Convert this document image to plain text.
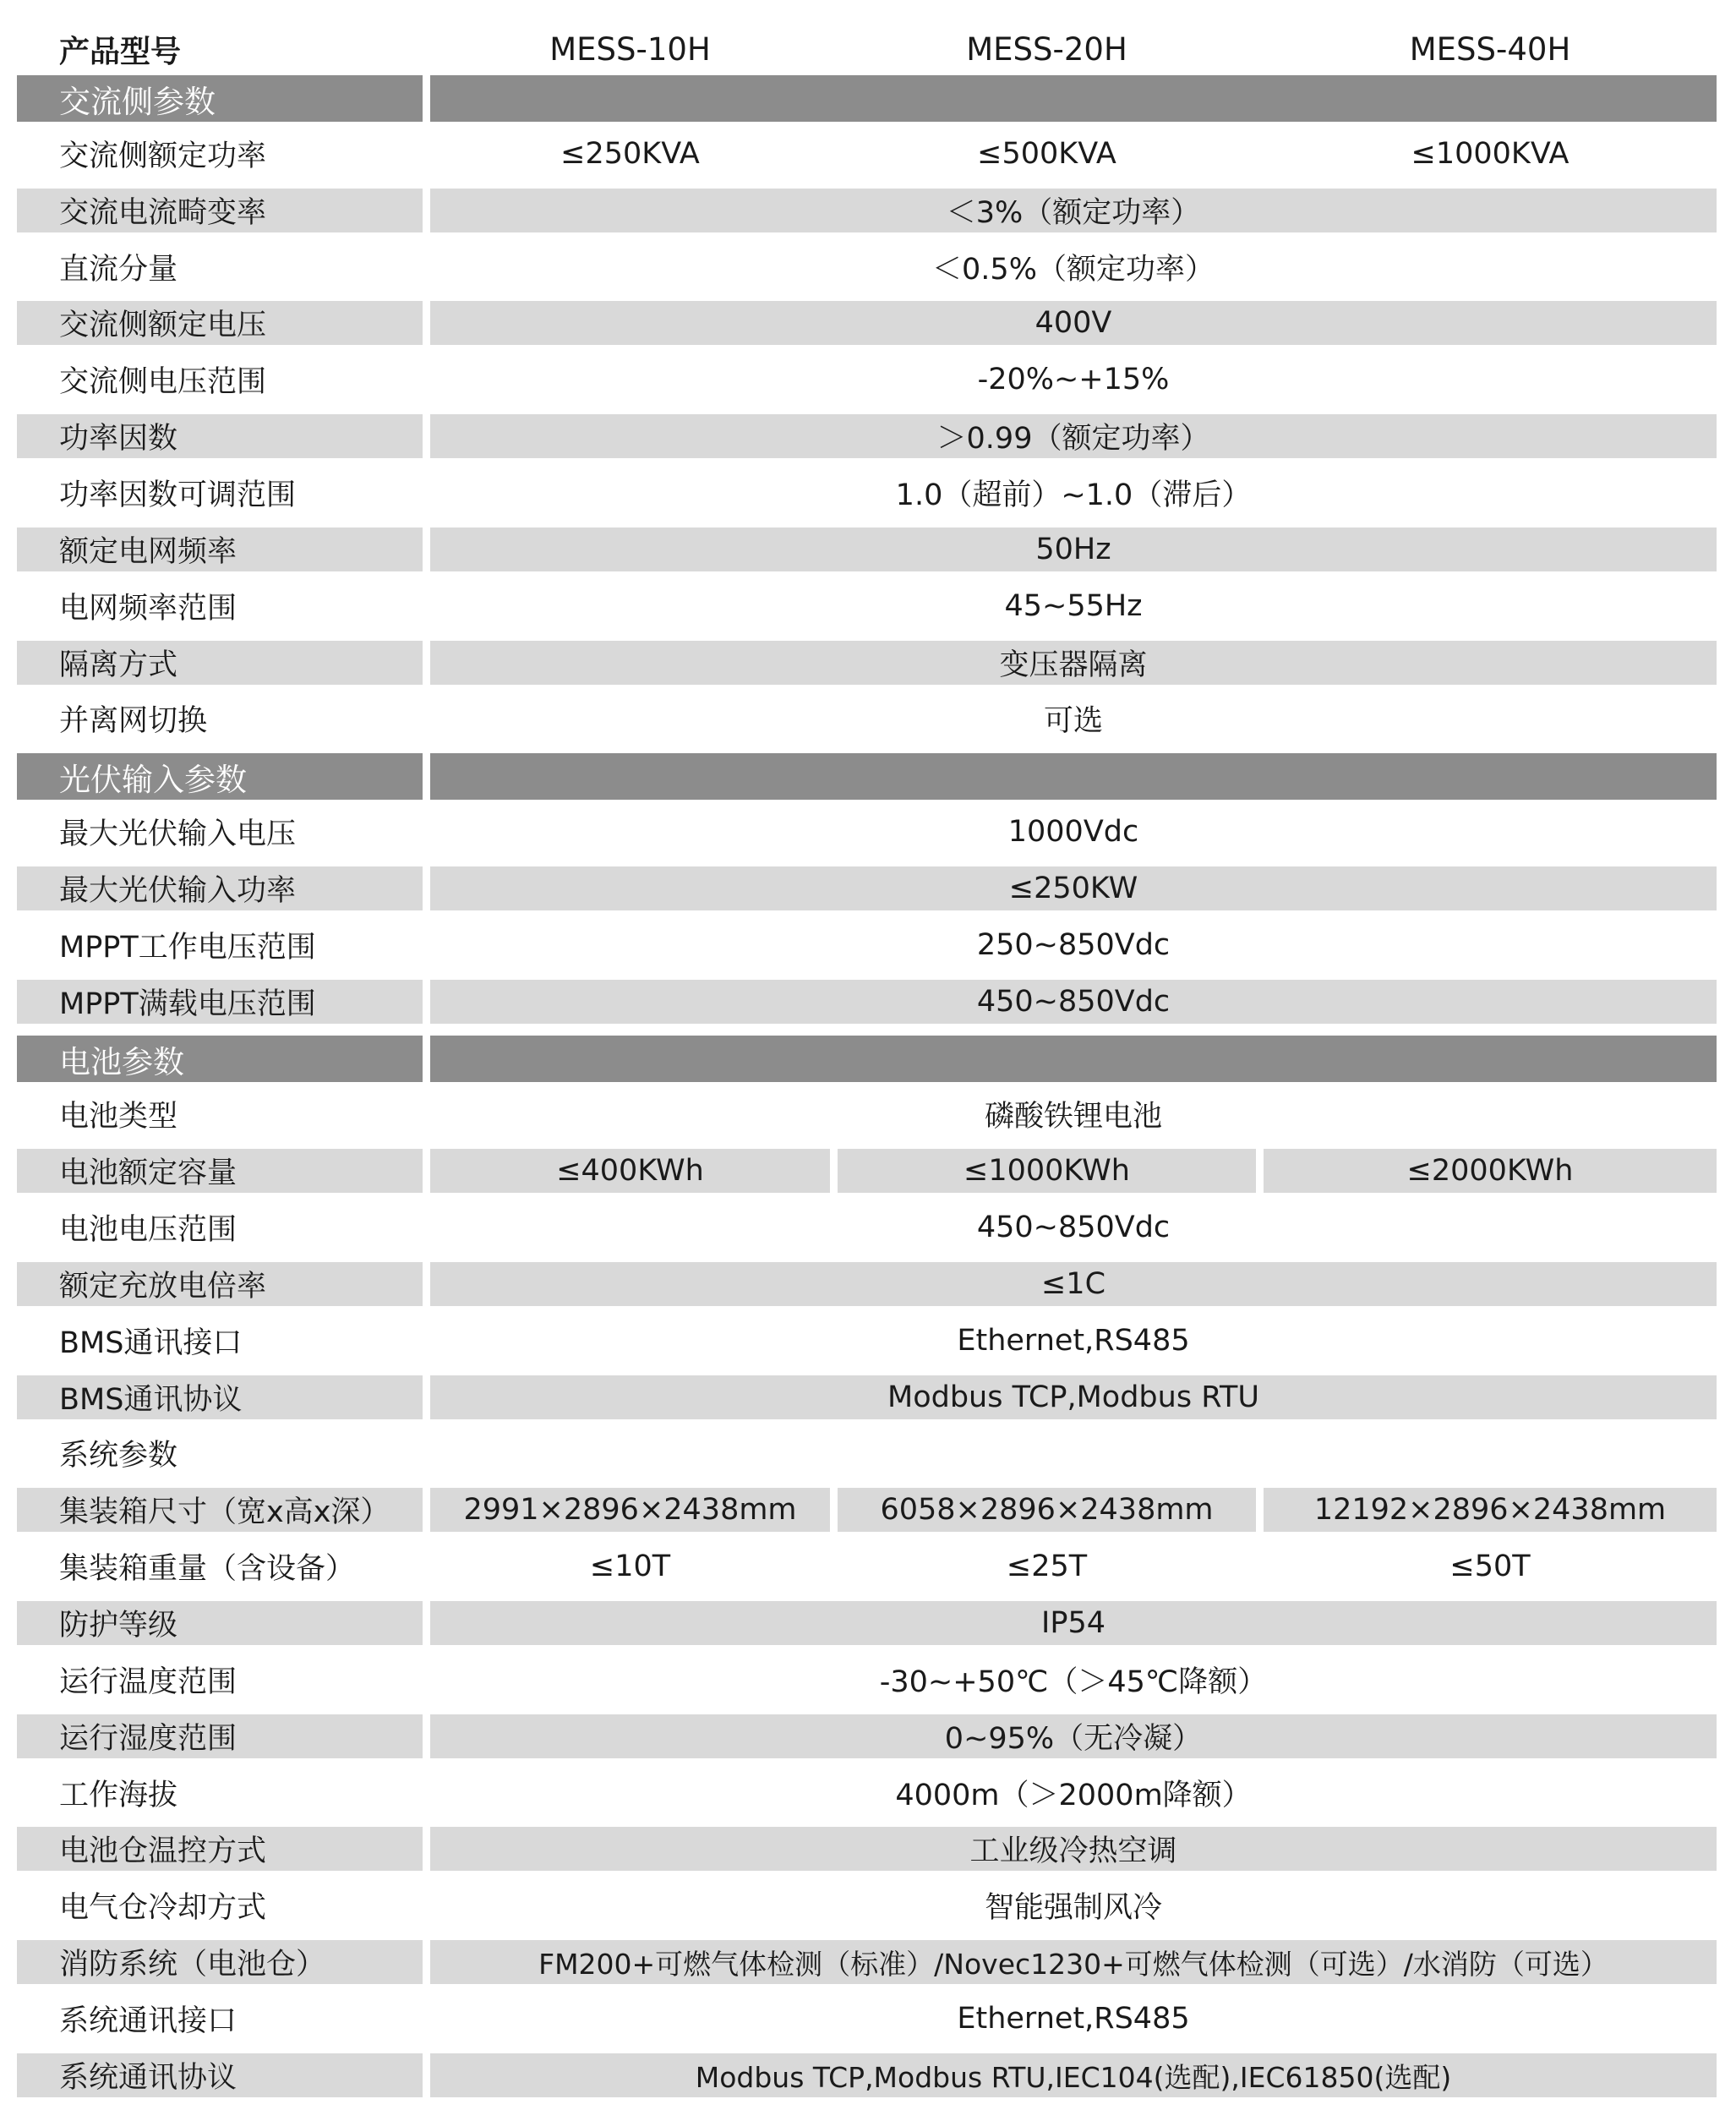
产品型号	MESS-10H	MESS-20H	MESS-40H
交流侧参数
交流侧额定功率	≤250KVA	≤500KVA	≤1000KVA
交流电流畸变率	＜3%（额定功率）
直流分量	＜0.5%（额定功率）
交流侧额定电压	400V
交流侧电压范围	-20%~+15%
功率因数	＞0.99（额定功率）
功率因数可调范围	1.0（超前）~1.0（滞后）
额定电网频率	50Hz
电网频率范围	45~55Hz
隔离方式	变压器隔离
并离网切换	可选
光伏输入参数
最大光伏输入电压	1000Vdc
最大光伏输入功率	≤250KW
MPPT工作电压范围	250~850Vdc
MPPT满载电压范围	450~850Vdc
电池参数
电池类型	磷酸铁锂电池
电池额定容量	≤400KWh	≤1000KWh	≤2000KWh
电池电压范围	450~850Vdc
额定充放电倍率	≤1C
BMS通讯接口	Ethernet,RS485
BMS通讯协议	Modbus TCP,Modbus RTU
系统参数
集装箱尺寸（宽x高x深）	2991×2896×2438mm	6058×2896×2438mm	12192×2896×2438mm
集装箱重量（含设备）	≤10T	≤25T	≤50T
防护等级	IP54
运行温度范围	-30~+50℃（＞45℃降额）
运行湿度范围	0~95%（无冷凝）
工作海拔	4000m（＞2000m降额）
电池仓温控方式	工业级冷热空调
电气仓冷却方式	智能强制风冷
消防系统（电池仓）	FM200+可燃气体检测（标准）/Novec1230+可燃气体检测（可选）/水消防（可选）
系统通讯接口	Ethernet,RS485
系统通讯协议	Modbus TCP,Modbus RTU,IEC104(选配),IEC61850(选配)
